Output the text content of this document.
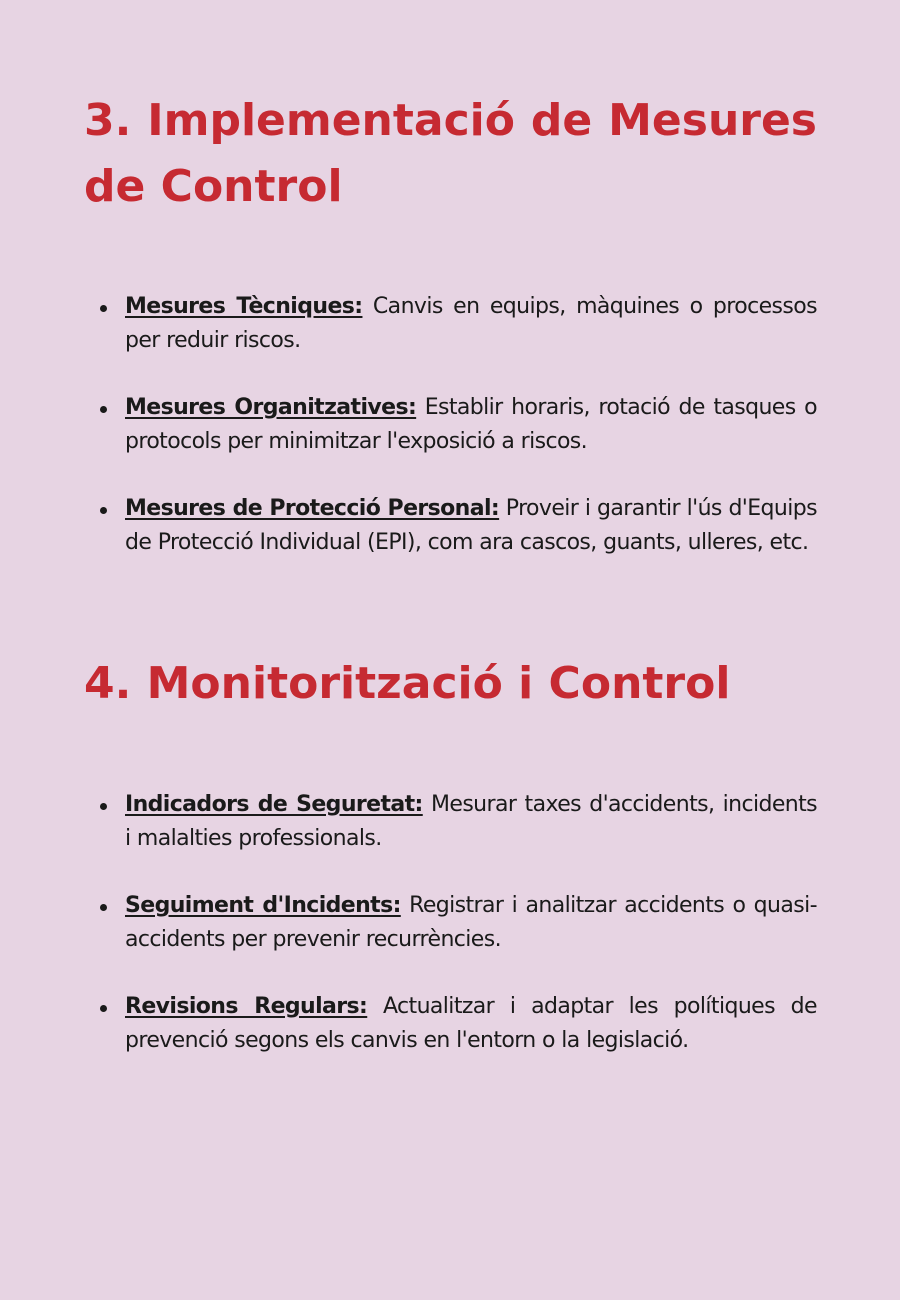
3. Implementació de Mesures de Control
Mesures Tècniques: Canvis en equips, màquines o processos per reduir riscos.
Mesures Organitzatives: Establir horaris, rotació de tasques o protocols per minimitzar l'exposició a riscos.
Mesures de Protecció Personal: Proveir i garantir l'ús d'Equips de Protecció Individual (EPI), com ara cascos, guants, ulleres, etc.
4. Monitorització i Control
Indicadors de Seguretat: Mesurar taxes d'accidents, incidents i malalties professionals.
Seguiment d'Incidents: Registrar i analitzar accidents o quasi-accidents per prevenir recurrències.
Revisions Regulars: Actualitzar i adaptar les polítiques de prevenció segons els canvis en l'entorn o la legislació.
